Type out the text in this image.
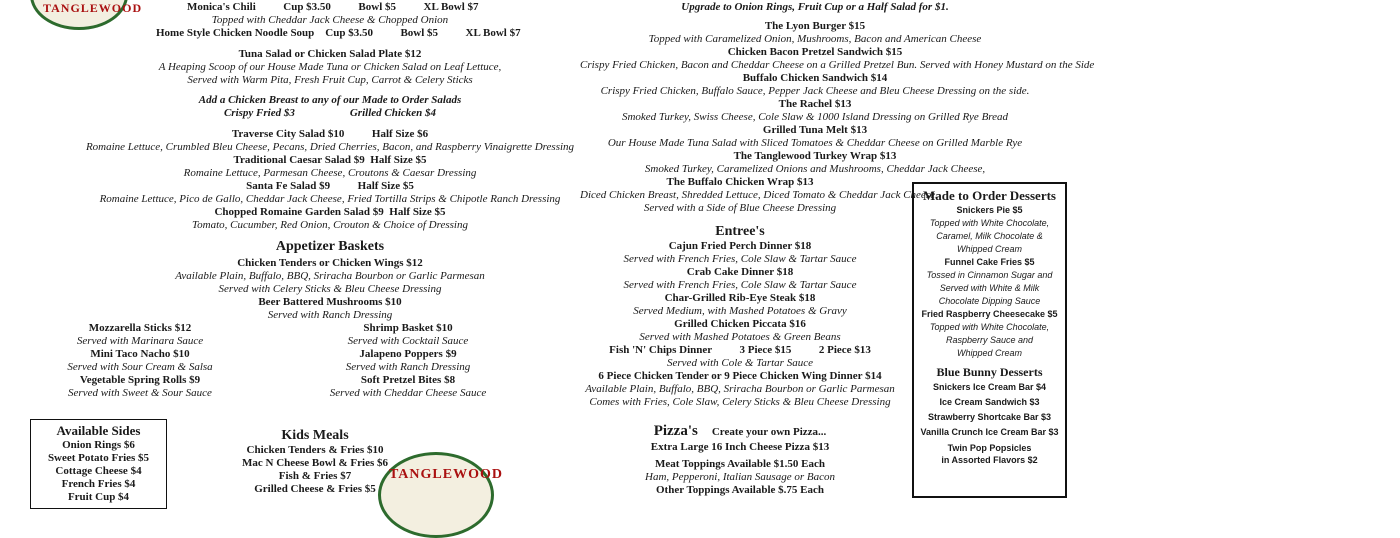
TANGLEWOOD	Monica's Chili          Cup $3.50          Bowl $5          XL Bowl $7
Topped with Cheddar Jack Cheese & Chopped Onion
Home Style Chicken Noodle Soup    Cup $3.50          Bowl $5          XL Bowl $7
Tuna Salad or Chicken Salad Plate $12
A Heaping Scoop of our House Made Tuna or Chicken Salad on Leaf Lettuce,
Served with Warm Pita, Fresh Fruit Cup, Carrot & Celery Sticks
Add a Chicken Breast to any of our Made to Order Salads
Crispy Fried $3                    Grilled Chicken $4
Traverse City Salad $10          Half Size $6
Romaine Lettuce, Crumbled Bleu Cheese, Pecans, Dried Cherries, Bacon, and Raspberry Vinaigrette Dressing
Traditional Caesar Salad $9  Half Size $5
Romaine Lettuce, Parmesan Cheese, Croutons & Caesar Dressing
Santa Fe Salad $9          Half Size $5
Romaine Lettuce, Pico de Gallo, Cheddar Jack Cheese, Fried Tortilla Strips & Chipotle Ranch Dressing
Chopped Romaine Garden Salad $9  Half Size $5
Tomato, Cucumber, Red Onion, Crouton & Choice of Dressing
Appetizer Baskets
Chicken Tenders or Chicken Wings $12
Available Plain, Buffalo, BBQ, Sriracha Bourbon or Garlic Parmesan
Served with Celery Sticks & Bleu Cheese Dressing
Beer Battered Mushrooms $10
Served with Ranch Dressing
Mozzarella Sticks $12
Served with Marinara Sauce
Mini Taco Nacho $10
Served with Sour Cream & Salsa
Vegetable Spring Rolls $9
Served with Sweet & Sour Sauce
Shrimp Basket $10
Served with Cocktail Sauce
Jalapeno Poppers $9
Served with Ranch Dressing
Soft Pretzel Bites $8
Served with Cheddar Cheese Sauce
Kids Meals
Chicken Tenders & Fries $10
Mac N Cheese Bowl & Fries $6
Fish & Fries $7
Grilled Cheese & Fries $5
Available Sides
Onion Rings $6
Sweet Potato Fries $5
Cottage Cheese $4
French Fries $4
Fruit Cup $4
TANGLEWOOD
Upgrade to Onion Rings, Fruit Cup or a Half Salad for $1.
The Lyon Burger $15
Topped with Caramelized Onion, Mushrooms, Bacon and American Cheese
Chicken Bacon Pretzel Sandwich $15
Crispy Fried Chicken, Bacon and Cheddar Cheese on a Grilled Pretzel Bun. Served with Honey Mustard on the Side
Buffalo Chicken Sandwich $14
Crispy Fried Chicken, Buffalo Sauce, Pepper Jack Cheese and Bleu Cheese Dressing on the side.
The Rachel $13
Smoked Turkey, Swiss Cheese, Cole Slaw & 1000 Island Dressing on Grilled Rye Bread
Grilled Tuna Melt $13
Our House Made Tuna Salad with Sliced Tomatoes & Cheddar Cheese on Grilled Marble Rye
The Tanglewood Turkey Wrap $13
Smoked Turkey, Caramelized Onions and Mushrooms, Cheddar Jack Cheese,
The Buffalo Chicken Wrap $13
Diced Chicken Breast, Shredded Lettuce, Diced Tomato & Cheddar Jack Cheese.
Served with a Side of Blue Cheese Dressing
Entree's
Cajun Fried Perch Dinner $18
Served with French Fries, Cole Slaw & Tartar Sauce
Crab Cake Dinner $18
Served with French Fries, Cole Slaw & Tartar Sauce
Char-Grilled Rib-Eye Steak $18
Served Medium, with Mashed Potatoes & Gravy
Grilled Chicken Piccata $16
Served with Mashed Potatoes & Green Beans
Fish 'N' Chips Dinner          3 Piece $15          2 Piece $13
Served with Cole & Tartar Sauce
6 Piece Chicken Tender or 9 Piece Chicken Wing Dinner $14
Available Plain, Buffalo, BBQ, Sriracha Bourbon or Garlic Parmesan
Comes with Fries, Cole Slaw, Celery Sticks & Bleu Cheese Dressing
Pizza's Create your own Pizza...
Extra Large 16 Inch Cheese Pizza $13
Meat Toppings Available $1.50 Each
Ham, Pepperoni, Italian Sausage or Bacon
Other Toppings Available $.75 Each
Made to Order Desserts
Snickers Pie $5
Topped with White Chocolate,
Caramel, Milk Chocolate &
Whipped Cream
Funnel Cake Fries $5
Tossed in Cinnamon Sugar and
Served with White & Milk
Chocolate Dipping Sauce
Fried Raspberry Cheesecake $5
Topped with White Chocolate,
Raspberry Sauce and
Whipped Cream
Blue Bunny Desserts
Snickers Ice Cream Bar $4
Ice Cream Sandwich $3
Strawberry Shortcake Bar $3
Vanilla Crunch Ice Cream Bar $3
Twin Pop Popsicles
in Assorted Flavors $2
